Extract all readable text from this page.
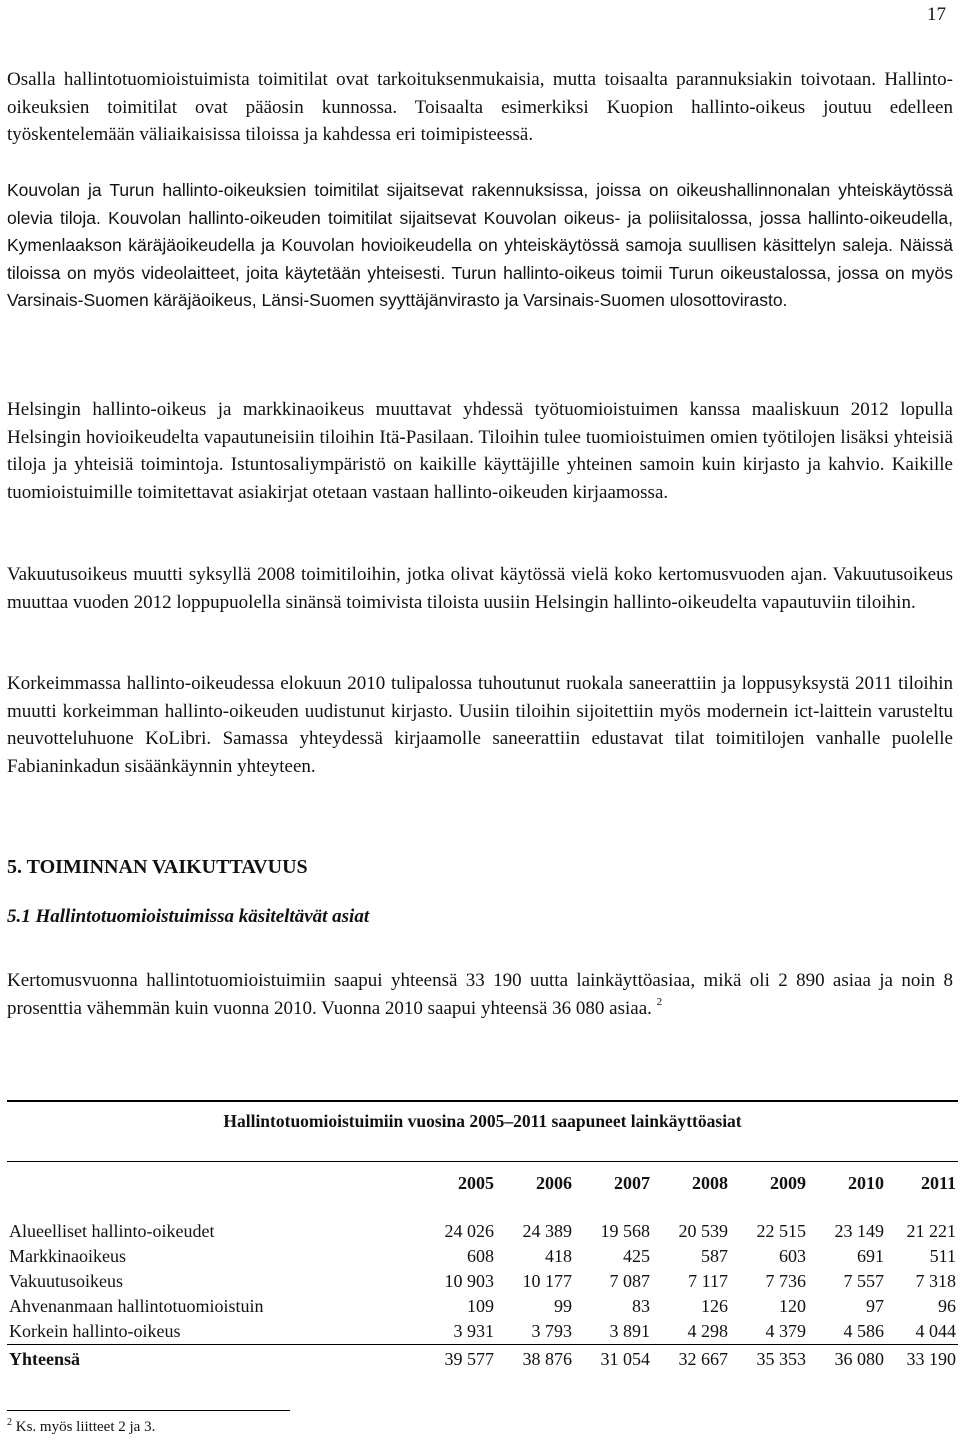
17

Osalla hallintotuomioistuimista toimitilat ovat tarkoituksenmukaisia, mutta toisaalta parannuksiakin toivotaan. Hallinto-oikeuksien toimitilat ovat pääosin kunnossa. Toisaalta esimerkiksi Kuopion hallinto-oikeus joutuu edelleen työskentelemään väliaikaisissa tiloissa ja kahdessa eri toimipisteessä.

Kouvolan ja Turun hallinto-oikeuksien toimitilat sijaitsevat rakennuksissa, joissa on oikeushallinnonalan yhteiskäytössä olevia tiloja. Kouvolan hallinto-oikeuden toimitilat sijaitsevat Kouvolan oikeus- ja poliisitalossa, jossa hallinto-oikeudella, Kymenlaakson käräjäoikeudella ja Kouvolan hovioikeudella on yhteiskäytössä samoja suullisen käsittelyn saleja. Näissä tiloissa on myös videolaitteet, joita käytetään yhteisesti. Turun hallinto-oikeus toimii Turun oikeustalossa, jossa on myös Varsinais-Suomen käräjäoikeus, Länsi-Suomen syyttäjänvirasto ja Varsinais-Suomen ulosottovirasto.

Helsingin hallinto-oikeus ja markkinaoikeus muuttavat yhdessä työtuomioistuimen kanssa maaliskuun 2012 lopulla Helsingin hovioikeudelta vapautuneisiin tiloihin Itä-Pasilaan. Tiloihin tulee tuomioistuimen omien työtilojen lisäksi yhteisiä tiloja ja yhteisiä toimintoja. Istuntosaliympäristö on kaikille käyttäjille yhteinen samoin kuin kirjasto ja kahvio. Kaikille tuomioistuimille toimitettavat asiakirjat otetaan vastaan hallinto-oikeuden kirjaamossa.

Vakuutusoikeus muutti syksyllä 2008 toimitiloihin, jotka olivat käytössä vielä koko kertomusvuoden ajan. Vakuutusoikeus muuttaa vuoden 2012 loppupuolella sinänsä toimivista tiloista uusiin Helsingin hallinto-oikeudelta vapautuviin tiloihin.

Korkeimmassa hallinto-oikeudessa elokuun 2010 tulipalossa tuhoutunut ruokala saneerattiin ja loppusyksystä 2011 tiloihin muutti korkeimman hallinto-oikeuden uudistunut kirjasto. Uusiin tiloihin sijoitettiin myös modernein ict-laittein varusteltu neuvotteluhuone KoLibri. Samassa yhteydessä kirjaamolle saneerattiin edustavat tilat toimitilojen vanhalle puolelle Fabianinkadun sisäänkäynnin yhteyteen.

5. TOIMINNAN VAIKUTTAVUUS
5.1 Hallintotuomioistuimissa käsiteltävät asiat

Kertomusvuonna hallintotuomioistuimiin saapui yhteensä 33 190 uutta lainkäyttöasiaa, mikä oli 2 890 asiaa ja noin 8 prosenttia vähemmän kuin vuonna 2010. Vuonna 2010 saapui yhteensä 36 080 asiaa. $^2$

Hallintotuomioistuimiin vuosina 2005–2011 saapuneet lainkäyttöasiat
	2005	2006	2007	2008	2009	2010	2011

Alueelliset hallinto-oikeudet	24 026	24 389	19 568	20 539	22 515	23 149	21 221
Markkinaoikeus	608	418	425	587	603	691	511
Vakuutusoikeus	10 903	10 177	7 087	7 117	7 736	7 557	7 318
Ahvenanmaan hallintotuomioistuin	109	99	83	126	120	97	96
Korkein hallinto-oikeus	3 931	3 793	3 891	4 298	4 379	4 586	4 044
Yhteensä	39 577	38 876	31 054	32 667	35 353	36 080	33 190
$^2$ Ks. myös liitteet 2 ja 3.
